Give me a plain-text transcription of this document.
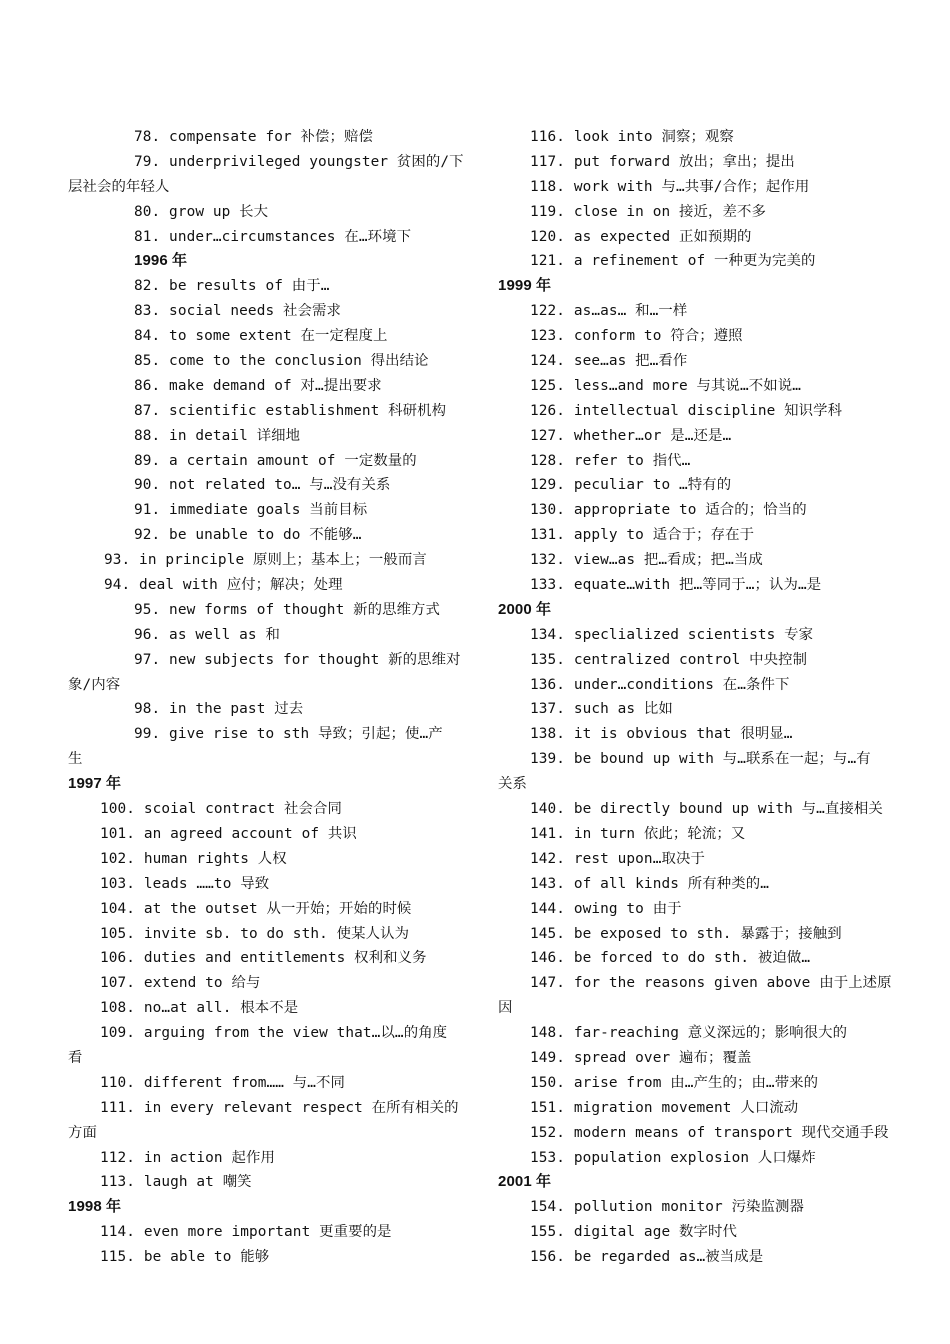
78. compensate for 补偿；赔偿
79. underprivileged youngster 贫困的/下
层社会的年轻人
80. grow up 长大
81. under…circumstances 在…环境下
1996 年
82. be results of 由于…
83. social needs 社会需求
84. to some extent 在一定程度上
85. come to the conclusion 得出结论
86. make demand of 对…提出要求
87. scientific establishment 科研机构
88. in detail 详细地
89. a certain amount of 一定数量的
90. not related to… 与…没有关系
91. immediate goals 当前目标
92. be unable to do 不能够…
93. in principle 原则上；基本上；一般而言
94. deal with 应付；解决；处理
95. new forms of thought 新的思维方式
96. as well as 和
97. new subjects for thought 新的思维对
象/内容
98. in the past 过去
99. give rise to sth 导致；引起；使…产
生
1997 年
100. scoial contract 社会合同
101. an agreed account of 共识
102. human rights 人权
103. leads ……to 导致
104. at the outset 从一开始；开始的时候
105. invite sb. to do sth. 使某人认为
106. duties and entitlements 权利和义务
107. extend to 给与
108. no…at all. 根本不是
109. arguing from the view that…以…的角度
看
110. different from…… 与…不同
111. in every relevant respect 在所有相关的
方面
112. in action 起作用
113. laugh at 嘲笑
1998 年
114. even more important 更重要的是
115. be able to 能够
116. look into 洞察；观察
117. put forward 放出；拿出；提出
118. work with 与…共事/合作；起作用
119. close in on 接近，差不多
120. as expected 正如预期的
121. a refinement of 一种更为完美的
1999 年
122. as…as… 和…一样
123. conform to 符合；遵照
124. see…as 把…看作
125. less…and more 与其说…不如说…
126. intellectual discipline 知识学科
127. whether…or 是…还是…
128. refer to 指代…
129. peculiar to …特有的
130. appropriate to 适合的；恰当的
131. apply to 适合于；存在于
132. view…as 把…看成；把…当成
133. equate…with 把…等同于…；认为…是
2000 年
134. speclialized scientists 专家
135. centralized control 中央控制
136. under…conditions 在…条件下
137. such as 比如
138. it is obvious that 很明显…
139. be bound up with 与…联系在一起；与…有
关系
140. be directly bound up with 与…直接相关
141. in turn 依此；轮流；又
142. rest upon…取决于
143. of all kinds 所有种类的…
144. owing to 由于
145. be exposed to sth. 暴露于；接触到
146. be forced to do sth. 被迫做…
147. for the reasons given above 由于上述原
因
148. far-reaching 意义深远的；影响很大的
149. spread over 遍布；覆盖
150. arise from 由…产生的；由…带来的
151. migration movement 人口流动
152. modern means of transport 现代交通手段
153. population explosion 人口爆炸
2001 年
154. pollution monitor 污染监测器
155. digital age 数字时代
156. be regarded as…被当成是
